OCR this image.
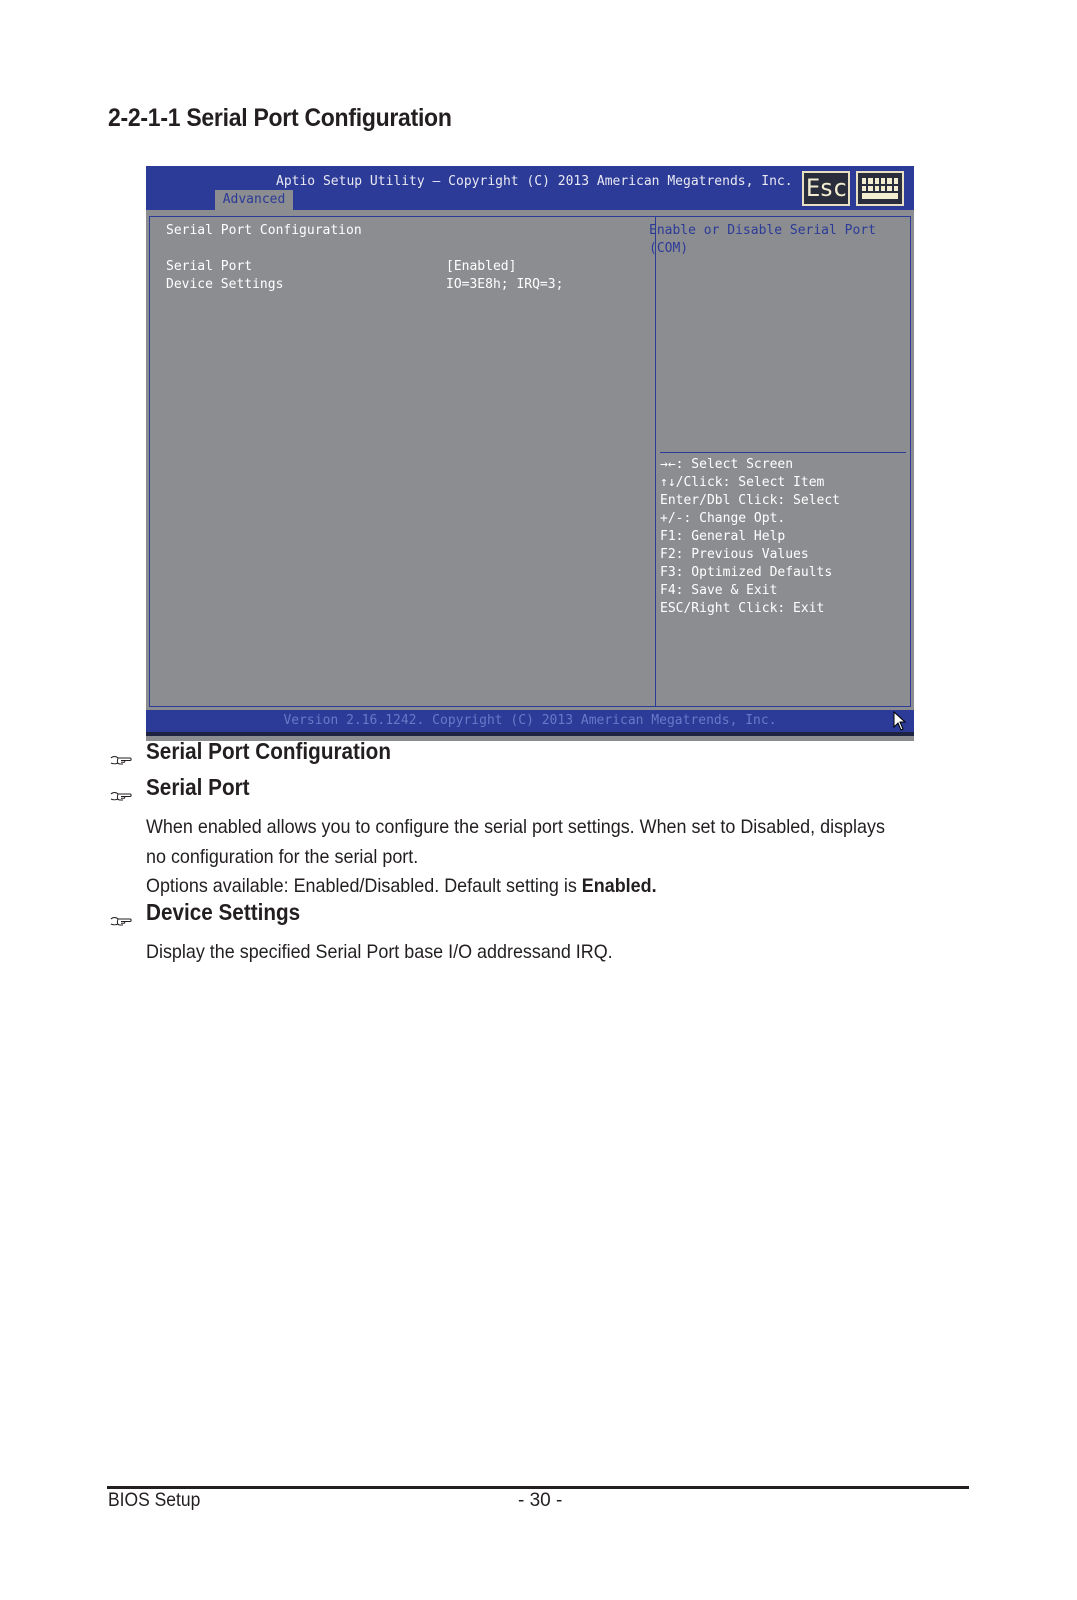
2-2-1-1 Serial Port Configuration
Aptio Setup Utility – Copyright (C) 2013 American Megatrends, Inc.
Advanced	Esc
Serial Port Configuration
Serial Port	[Enabled]
Device Settings	IO=3E8h; IRQ=3;
Enable or Disable Serial Port
(COM)
→←: Select Screen
↑↓/Click: Select Item
Enter/Dbl Click: Select
+/-: Change Opt.
F1: General Help
F2: Previous Values
F3: Optimized Defaults
F4: Save & Exit
ESC/Right Click: Exit
Version 2.16.1242. Copyright (C) 2013 American Megatrends, Inc.
Serial Port Configuration
Serial Port

When enabled allows you to configure the serial port settings. When set to Disabled, displays no configuration for the serial port.

Options available: Enabled/Disabled. Default setting is Enabled.

Device Settings

Display the specified Serial Port base I/O addressand IRQ.

BIOS Setup	- 30 -
